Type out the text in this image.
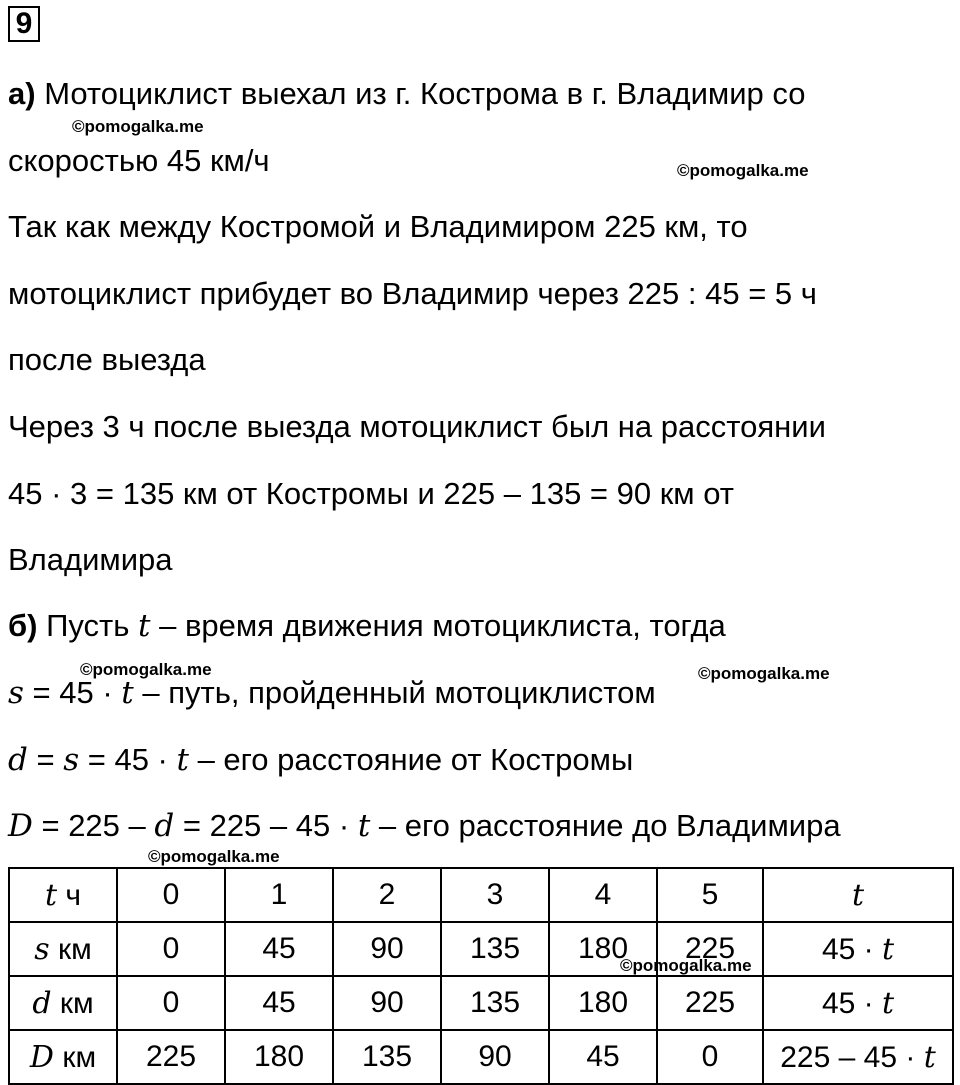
9
а) Мотоциклист выехал из г. Кострома в г. Владимир со
скоростью 45 км/ч
Так как между Костромой и Владимиром 225 км, то
мотоциклист прибудет во Владимир через 225 : 45 = 5 ч
после выезда
Через 3 ч после выезда мотоциклист был на расстоянии
45 · 3 = 135 км от Костромы и 225 – 135 = 90 км от
Владимира
б) Пусть t – время движения мотоциклиста, тогда
s = 45 · t – путь, пройденный мотоциклистом
d = s = 45 · t – его расстояние от Костромы
D = 225 – d = 225 – 45 · t – его расстояние до Владимира
©pomogalka.me
©pomogalka.me
©pomogalka.me	©pomogalka.me
©pomogalka.me
t ч	0	1	2	3	4	5	t
s км	0	45	90	135	180	225	45 · t
d км	0	45	90	135	180	225	45 · t
D км	225	180	135	90	45	0	225 – 45 · t
©pomogalka.me
